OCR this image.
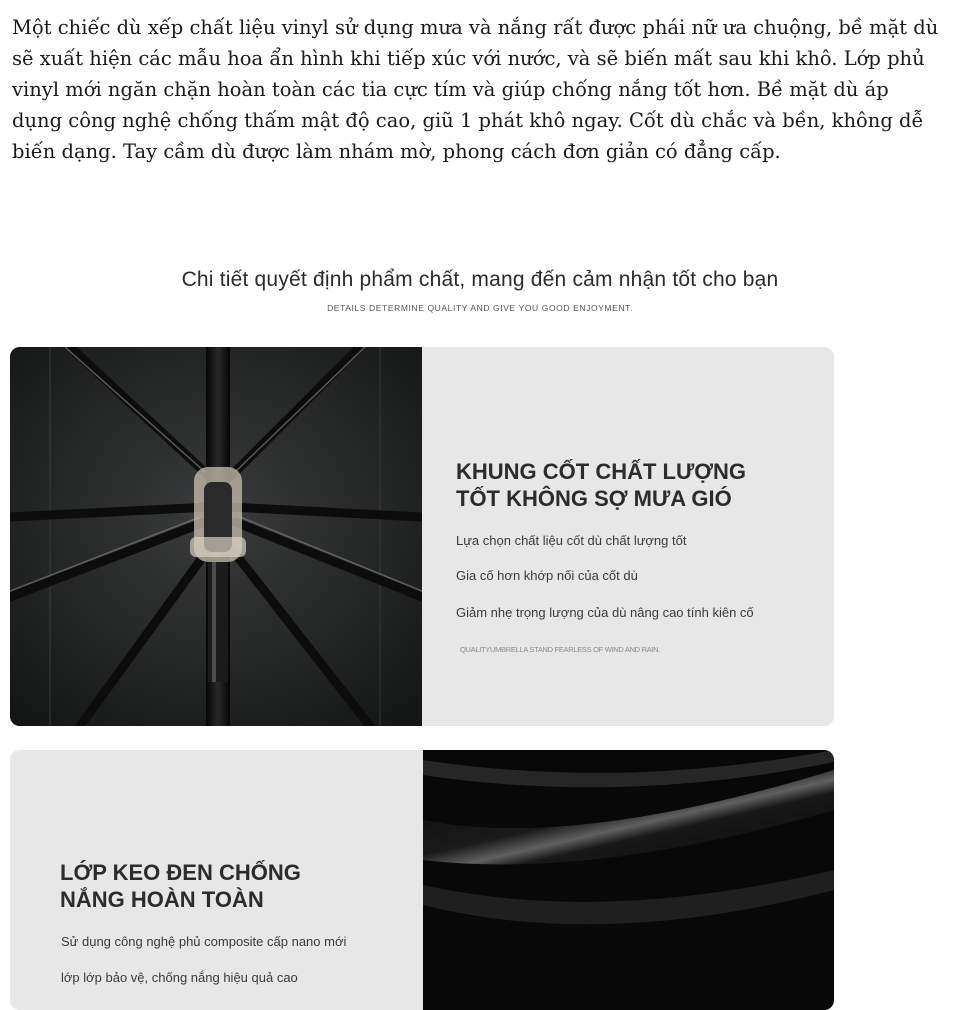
Một chiếc dù xếp chất liệu vinyl sử dụng mưa và nắng rất được phái nữ ưa chuộng, bề mặt dù sẽ xuất hiện các mẫu hoa ẩn hình khi tiếp xúc với nước, và sẽ biến mất sau khi khô. Lớp phủ vinyl mới ngăn chặn hoàn toàn các tia cực tím và giúp chống nắng tốt hơn. Bề mặt dù áp dụng công nghệ chống thấm mật độ cao, giũ 1 phát khô ngay. Cốt dù chắc và bền, không dễ biến dạng. Tay cầm dù được làm nhám mờ, phong cách đơn giản có đẳng cấp.

Chi tiết quyết định phẩm chất, mang đến cảm nhận tốt cho bạn
DETAILS DETERMINE QUALITY AND GIVE YOU GOOD ENJOYMENT.
KHUNG CỐT CHẤT LƯỢNG
TỐT KHÔNG SỢ MƯA GIÓ

Lựa chọn chất liệu cốt dù chất lượng tốt

Gia cố hơn khớp nối của cốt dù

Giảm nhẹ trọng lượng của dù nâng cao tính kiên cố

QUALITYUMBRELLA STAND FEARLESS OF WIND AND RAIN.
LỚP KEO ĐEN CHỐNG
NẮNG HOÀN TOÀN

Sử dụng công nghệ phủ composite cấp nano mới

lớp lớp bảo vệ, chống nắng hiệu quả cao
